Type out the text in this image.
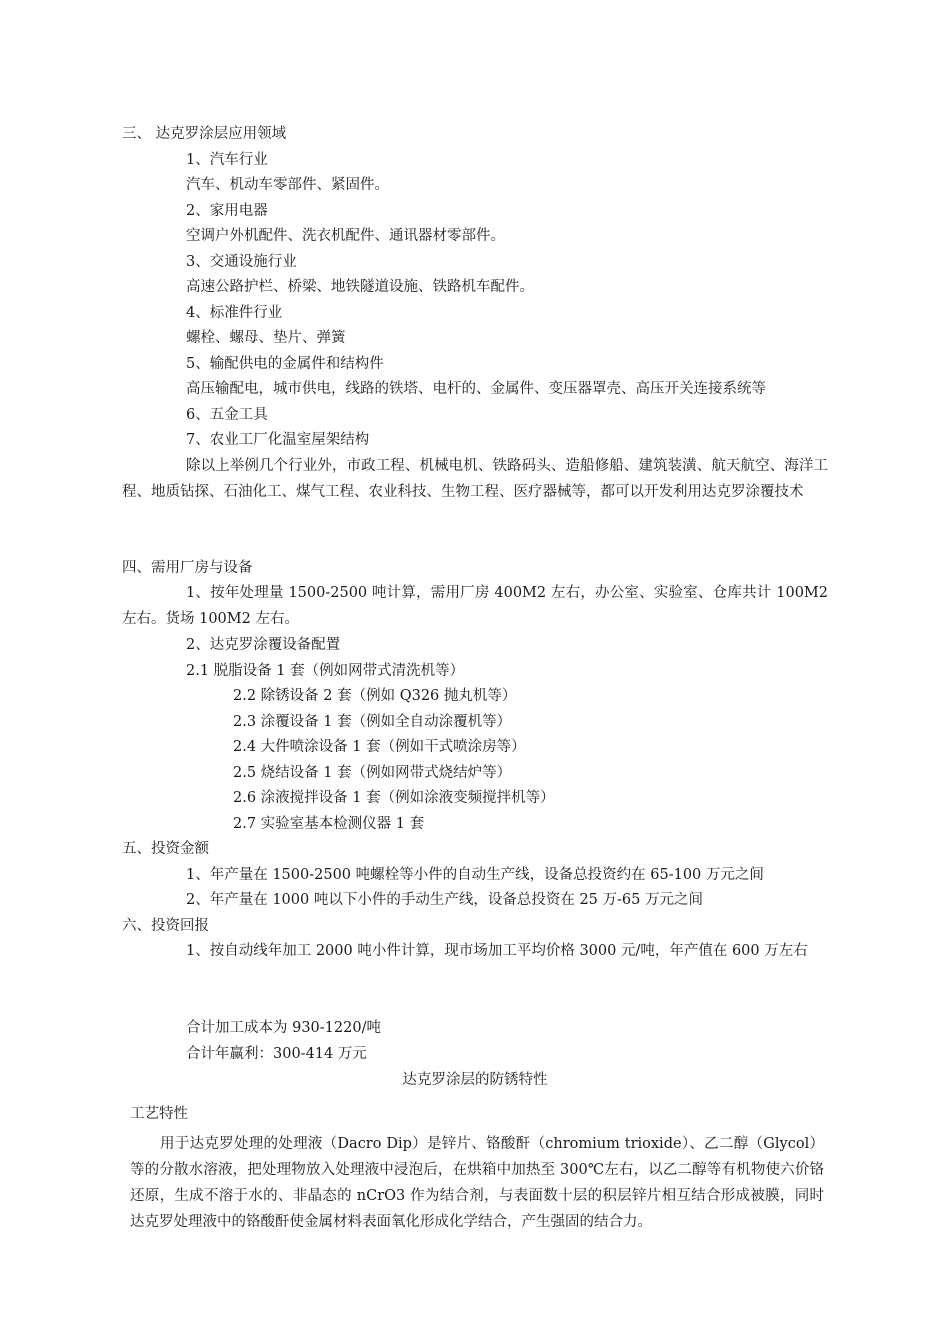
三、 达克罗涂层应用领域
1、汽车行业
汽车、机动车零部件、紧固件。
2、家用电器
空调户外机配件、洗衣机配件、通讯器材零部件。
3、交通设施行业
高速公路护栏、桥梁、地铁隧道设施、铁路机车配件。
4、标准件行业
螺栓、螺母、垫片、弹簧
5、输配供电的金属件和结构件
高压输配电，城市供电，线路的铁塔、电杆的、金属件、变压器罩壳、高压开关连接系统等
6、五金工具
7、农业工厂化温室屋架结构
除以上举例几个行业外，市政工程、机械电机、铁路码头、造船修船、建筑装潢、航天航空、海洋工程、地质钻探、石油化工、煤气工程、农业科技、生物工程、医疗器械等，都可以开发利用达克罗涂覆技术
四、需用厂房与设备
1、按年处理量 1500-2500 吨计算，需用厂房 400M2 左右，办公室、实验室、仓库共计 100M2 左右。货场 100M2 左右。
2、达克罗涂覆设备配置
2.1 脱脂设备 1 套（例如网带式清洗机等）
2.2 除锈设备 2 套（例如 Q326 抛丸机等）
2.3 涂覆设备 1 套（例如全自动涂覆机等）
2.4 大件喷涂设备 1 套（例如干式喷涂房等）
2.5 烧结设备 1 套（例如网带式烧结炉等）
2.6 涂液搅拌设备 1 套（例如涂液变频搅拌机等）
2.7 实验室基本检测仪器 1 套
五、投资金额
1、年产量在 1500-2500 吨螺栓等小件的自动生产线，设备总投资约在 65-100 万元之间
2、年产量在 1000 吨以下小件的手动生产线，设备总投资在 25 万-65 万元之间
六、投资回报
1、按自动线年加工 2000 吨小件计算，现市场加工平均价格 3000 元/吨，年产值在 600 万左右
合计加工成本为 930-1220/吨
合计年赢利：300-414 万元
达克罗涂层的防锈特性
工艺特性
用于达克罗处理的处理液（Dacro Dip）是锌片、铬酸酐（chromium trioxide）、乙二醇（Glycol）等的分散水溶液，把处理物放入处理液中浸泡后，在烘箱中加热至 300℃左右，以乙二醇等有机物使六价铬还原，生成不溶于水的、非晶态的 nCrO3 作为结合剂，与表面数十层的积层锌片相互结合形成被膜，同时达克罗处理液中的铬酸酐使金属材料表面氧化形成化学结合，产生强固的结合力。
